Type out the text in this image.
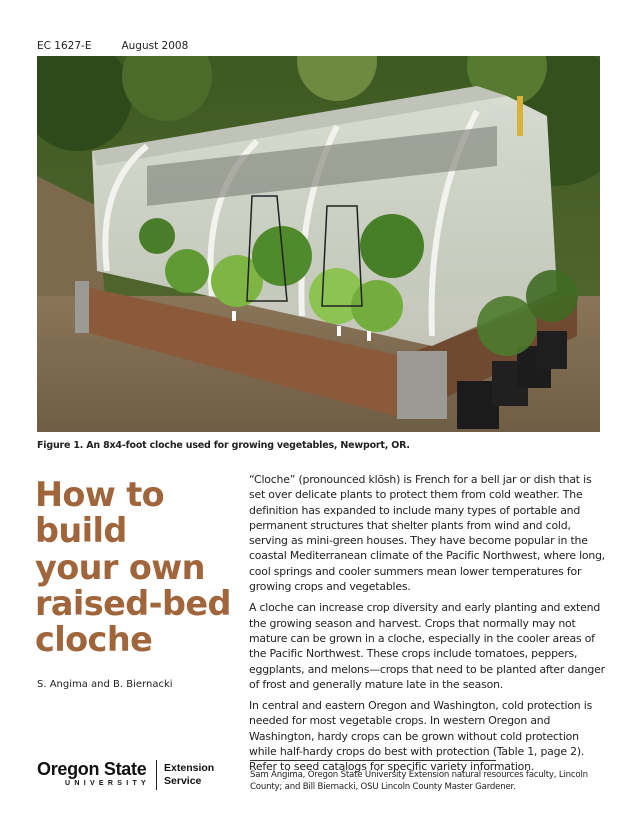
EC 1627-E	August 2008
Figure 1. An 8x4-foot cloche used for growing vegetables, Newport, OR.
How to
build
your own
raised-bed
cloche
S. Angima and B. Biernacki

“Cloche” (pronounced klōsh) is French for a bell jar or dish that is set over delicate plants to protect them from cold weather. The definition has expanded to include many types of portable and permanent structures that shelter plants from wind and cold, serving as mini-green houses. They have become popular in the coastal Mediterranean climate of the Pacific Northwest, where long, cool springs and cooler summers mean lower temperatures for growing crops and vegetables.

A cloche can increase crop diversity and early planting and extend the growing season and harvest. Crops that normally may not mature can be grown in a cloche, especially in the cooler areas of the Pacific Northwest. These crops include tomatoes, peppers, eggplants, and melons—crops that need to be planted after danger of frost and generally mature late in the season.

In central and eastern Oregon and Washington, cold protection is needed for most vegetable crops. In western Oregon and Washington, hardy crops can be grown without cold protection while half-hardy crops do best with protection (Table 1, page 2). Refer to seed catalogs for specific variety information.

Sam Angima, Oregon State University Extension natural resources faculty, Lincoln County; and Bill Biernacki, OSU Lincoln County Master Gardener.
Oregon State
UNIVERSITY
Extension
Service
